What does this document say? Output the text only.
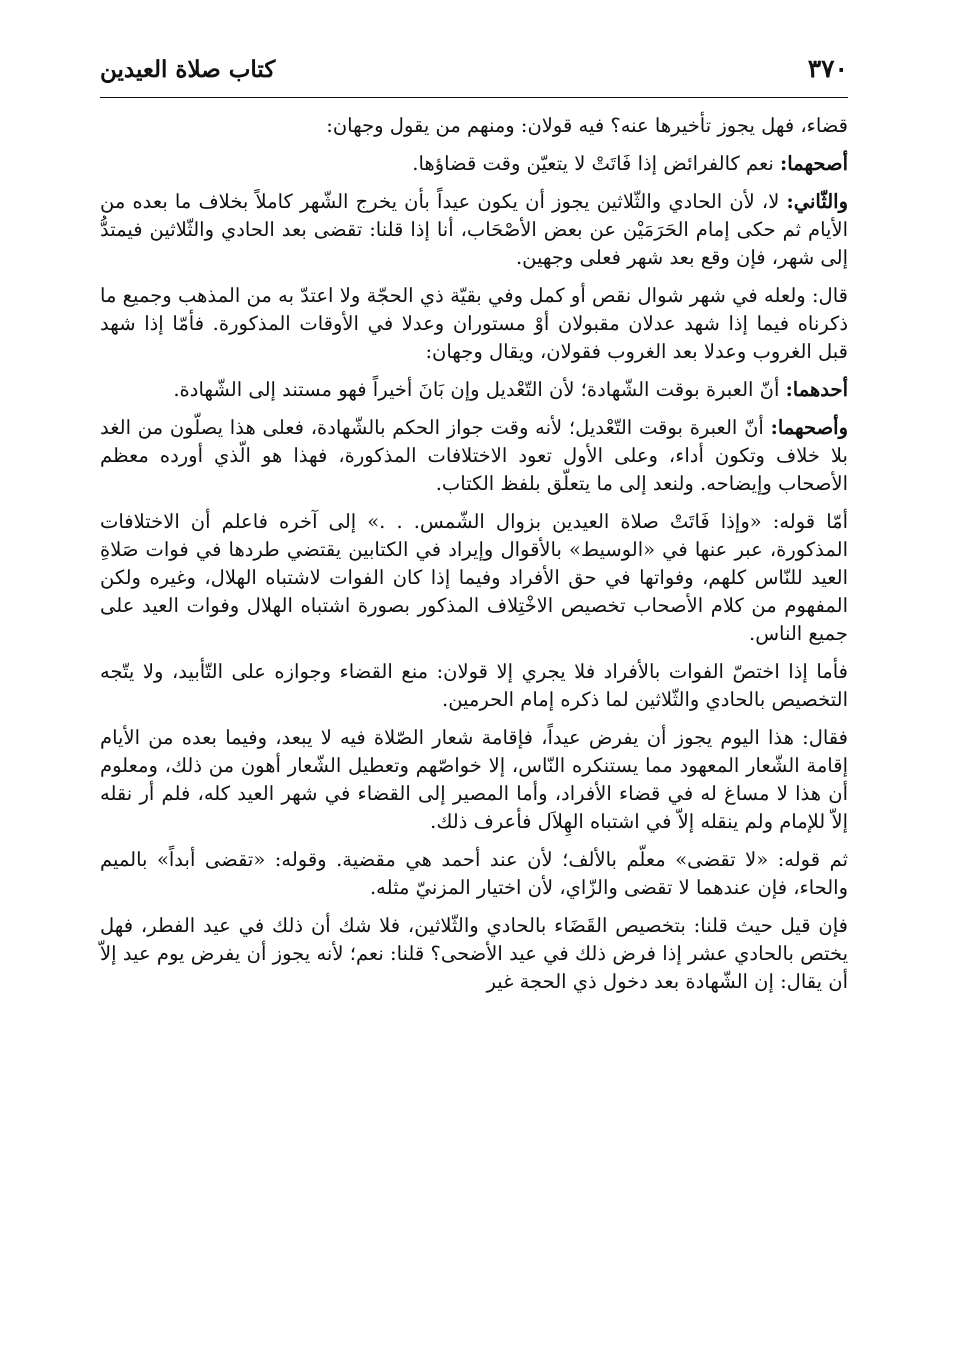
٣٧٠
كتاب صلاة العيدين

قضاء، فهل يجوز تأخيرها عنه؟ فيه قولان: ومنهم من يقول وجهان:

أصحهما: نعم كالفرائض إذا فَاتَتْ لا يتعيّن وقت قضاؤها.

والثّاني: لا، لأن الحادي والثّلاثين يجوز أن يكون عيداً بأن يخرج الشّهر كاملاً بخلاف ما بعده من الأيام ثم حكى إمام الحَرَمَيْن عن بعض الأصْحَاب، أنا إذا قلنا: تقضى بعد الحادي والثّلاثين فيمتدُّ إلى شهر، فإن وقع بعد شهر فعلى وجهين.

قال: ولعله في شهر شوال نقص أو كمل وفي بقيّة ذي الحجّة ولا اعتدّ به من المذهب وجميع ما ذكرناه فيما إذا شهد عدلان مقبولان أوْ مستوران وعدلا في الأوقات المذكورة. فأمّا إذا شهد قبل الغروب وعدلا بعد الغروب فقولان، ويقال وجهان:

أحدهما: أنّ العبرة بوقت الشّهادة؛ لأن التّعْديل وإن بَانَ أخيراً فهو مستند إلى الشّهادة.

وأصحهما: أنّ العبرة بوقت التّعْديل؛ لأنه وقت جواز الحكم بالشّهادة، فعلى هذا يصلّون من الغد بلا خلاف وتكون أداء، وعلى الأول تعود الاختلافات المذكورة، فهذا هو الّذي أورده معظم الأصحاب وإيضاحه. ولنعد إلى ما يتعلّق بلفظ الكتاب.

أمّا قوله: «وإذا فَاتَتْ صلاة العيدين بزوال الشّمس. . .» إلى آخره فاعلم أن الاختلافات المذكورة، عبر عنها في «الوسيط» بالأقوال وإيراد في الكتابين يقتضي طردها في فوات صَلاةِ العيد للنّاس كلهم، وفواتها في حق الأفراد وفيما إذا كان الفوات لاشتباه الهلال، وغيره ولكن المفهوم من كلام الأصحاب تخصيص الاخْتِلاف المذكور بصورة اشتباه الهلال وفوات العيد على جميع الناس.

فأما إذا اختصّ الفوات بالأفراد فلا يجري إلا قولان: منع القضاء وجوازه على التّأبيد، ولا يتّجه التخصيص بالحادي والثّلاثين لما ذكره إمام الحرمين.

فقال: هذا اليوم يجوز أن يفرض عيداً، فإقامة شعار الصّلاة فيه لا يبعد، وفيما بعده من الأيام إقامة الشّعار المعهود مما يستنكره النّاس، إلا خواصّهم وتعطيل الشّعار أهون من ذلك، ومعلوم أن هذا لا مساغ له في قضاء الأفراد، وأما المصير إلى القضاء في شهر العيد كله، فلم أر نقله إلاّ للإمام ولم ينقله إلاّ في اشتباه الهِلاَل فأعرف ذلك.

ثم قوله: «لا تقضى» معلّم بالألف؛ لأن عند أحمد هي مقضية. وقوله: «تقضى أبداً» بالميم والحاء، فإن عندهما لا تقضى والزّاي، لأن اختيار المزنيّ مثله.

فإن قيل حيث قلنا: بتخصيص القَضَاء بالحادي والثّلاثين، فلا شك أن ذلك في عيد الفطر، فهل يختص بالحادي عشر إذا فرض ذلك في عيد الأضحى؟ قلنا: نعم؛ لأنه يجوز أن يفرض يوم عيد إلاّ أن يقال: إن الشّهادة بعد دخول ذي الحجة غير
